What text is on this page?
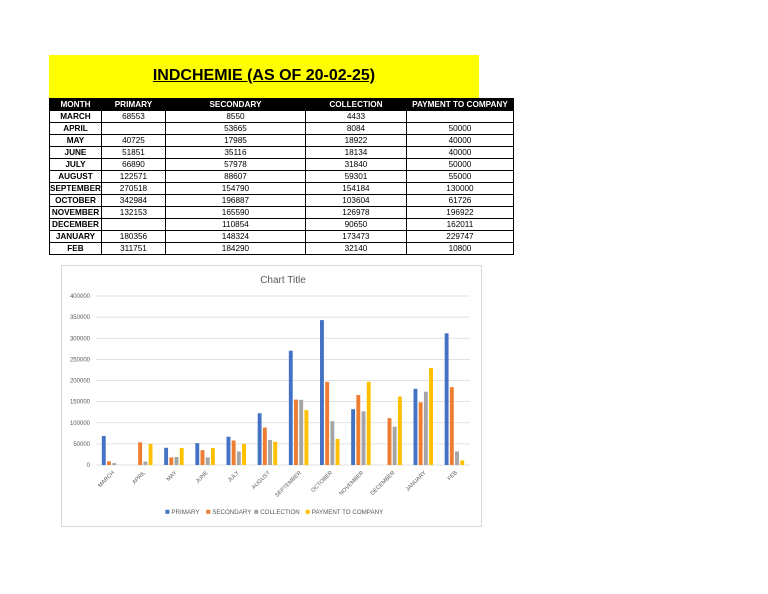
INDCHEMIE (AS OF 20-02-25)
MONTH	PRIMARY	SECONDARY	COLLECTION	PAYMENT TO COMPANY
MARCH	68553	8550	4433	
APRIL		53665	8084	50000
MAY	40725	17985	18922	40000
JUNE	51851	35116	18134	40000
JULY	66890	57978	31840	50000
AUGUST	122571	88607	59301	55000
SEPTEMBER	270518	154790	154184	130000
OCTOBER	342984	196887	103604	61726
NOVEMBER	132153	165590	126978	196922
DECEMBER		110854	90650	162011
JANUARY	180356	148324	173473	229747
FEB	311751	184290	32140	10800
Chart Title
0
50000
100000
150000
200000
250000
300000
350000
400000
MARCH	APRIL	MAY	JUNE	JULY AUGUST SEPTEMBER OCTOBER NOVEMBER DECEMBER JANUARY	FEB
PRIMARY SECONDARY COLLECTION PAYMENT TO COMPANY
